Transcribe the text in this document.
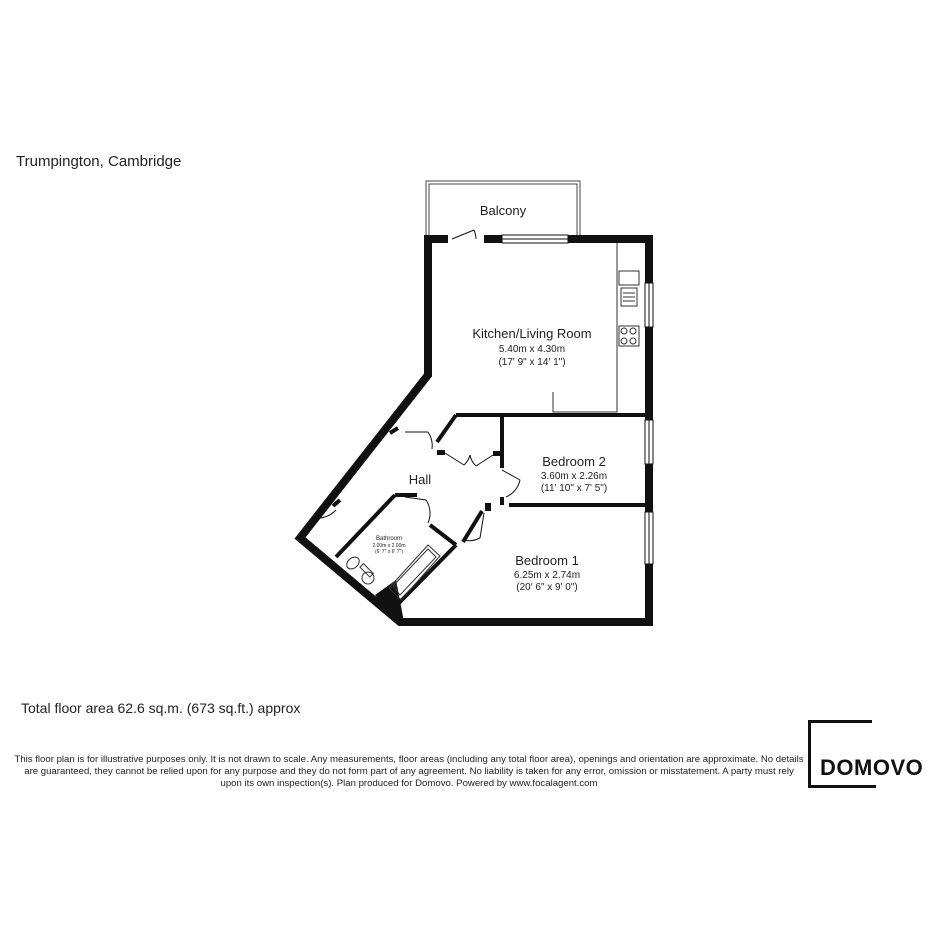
Trumpington, Cambridge
Balcony
Kitchen/Living Room
5.40m x 4.30m
(17' 9" x 14' 1")
Bedroom 2
3.60m x 2.26m
(11' 10" x 7' 5")
Hall
Bathroom
2.00m x 2.00m
(6' 7" x 6' 7")
Bedroom 1
6.25m x 2.74m
(20' 6" x 9' 0")
Total floor area 62.6 sq.m. (673 sq.ft.) approx
This floor plan is for illustrative purposes only. It is not drawn to scale. Any measurements, floor areas (including any total floor area), openings and orientation are approximate. No details are guaranteed, they cannot be relied upon for any purpose and they do not form part of any agreement. No liability is taken for any error, omission or misstatement. A party must rely upon its own inspection(s). Plan produced for Domovo. Powered by www.focalagent.com
DOMOVO
